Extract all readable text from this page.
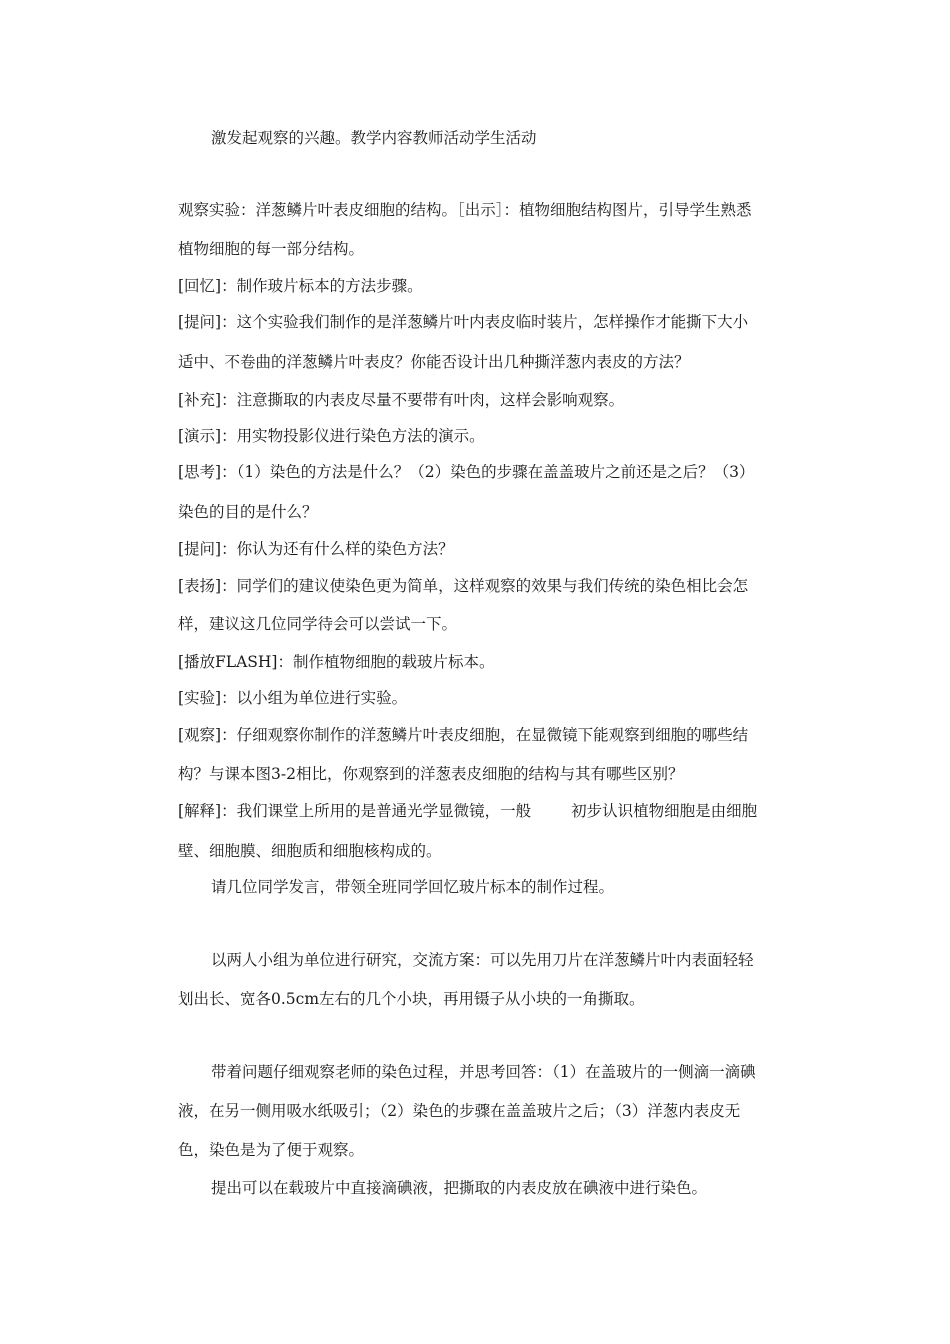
激发起观察的兴趣。教学内容教师活动学生活动
观察实验：洋葱鳞片叶表皮细胞的结构。［出示］：植物细胞结构图片，引导学生熟悉
植物细胞的每一部分结构。
[回忆]：制作玻片标本的方法步骤。
[提问]：这个实验我们制作的是洋葱鳞片叶内表皮临时装片，怎样操作才能撕下大小
适中、不卷曲的洋葱鳞片叶表皮？你能否设计出几种撕洋葱内表皮的方法？
[补充]：注意撕取的内表皮尽量不要带有叶肉，这样会影响观察。
[演示]：用实物投影仪进行染色方法的演示。
[思考]：（1）染色的方法是什么？（2）染色的步骤在盖盖玻片之前还是之后？（3）
染色的目的是什么？
[提问]：你认为还有什么样的染色方法？
[表扬]：同学们的建议使染色更为简单，这样观察的效果与我们传统的染色相比会怎
样，建议这几位同学待会可以尝试一下。
[播放FLASH]：制作植物细胞的载玻片标本。
[实验]：以小组为单位进行实验。
[观察]：仔细观察你制作的洋葱鳞片叶表皮细胞，在显微镜下能观察到细胞的哪些结
构？与课本图3-2相比，你观察到的洋葱表皮细胞的结构与其有哪些区别？
[解释]：我们课堂上所用的是普通光学显微镜，一般	初步认识植物细胞是由细胞
壁、细胞膜、细胞质和细胞核构成的。
请几位同学发言，带领全班同学回忆玻片标本的制作过程。
以两人小组为单位进行研究，交流方案：可以先用刀片在洋葱鳞片叶内表面轻轻
划出长、宽各0.5cm左右的几个小块，再用镊子从小块的一角撕取。
带着问题仔细观察老师的染色过程，并思考回答：（1）在盖玻片的一侧滴一滴碘
液，在另一侧用吸水纸吸引；（2）染色的步骤在盖盖玻片之后；（3）洋葱内表皮无
色，染色是为了便于观察。
提出可以在载玻片中直接滴碘液，把撕取的内表皮放在碘液中进行染色。
